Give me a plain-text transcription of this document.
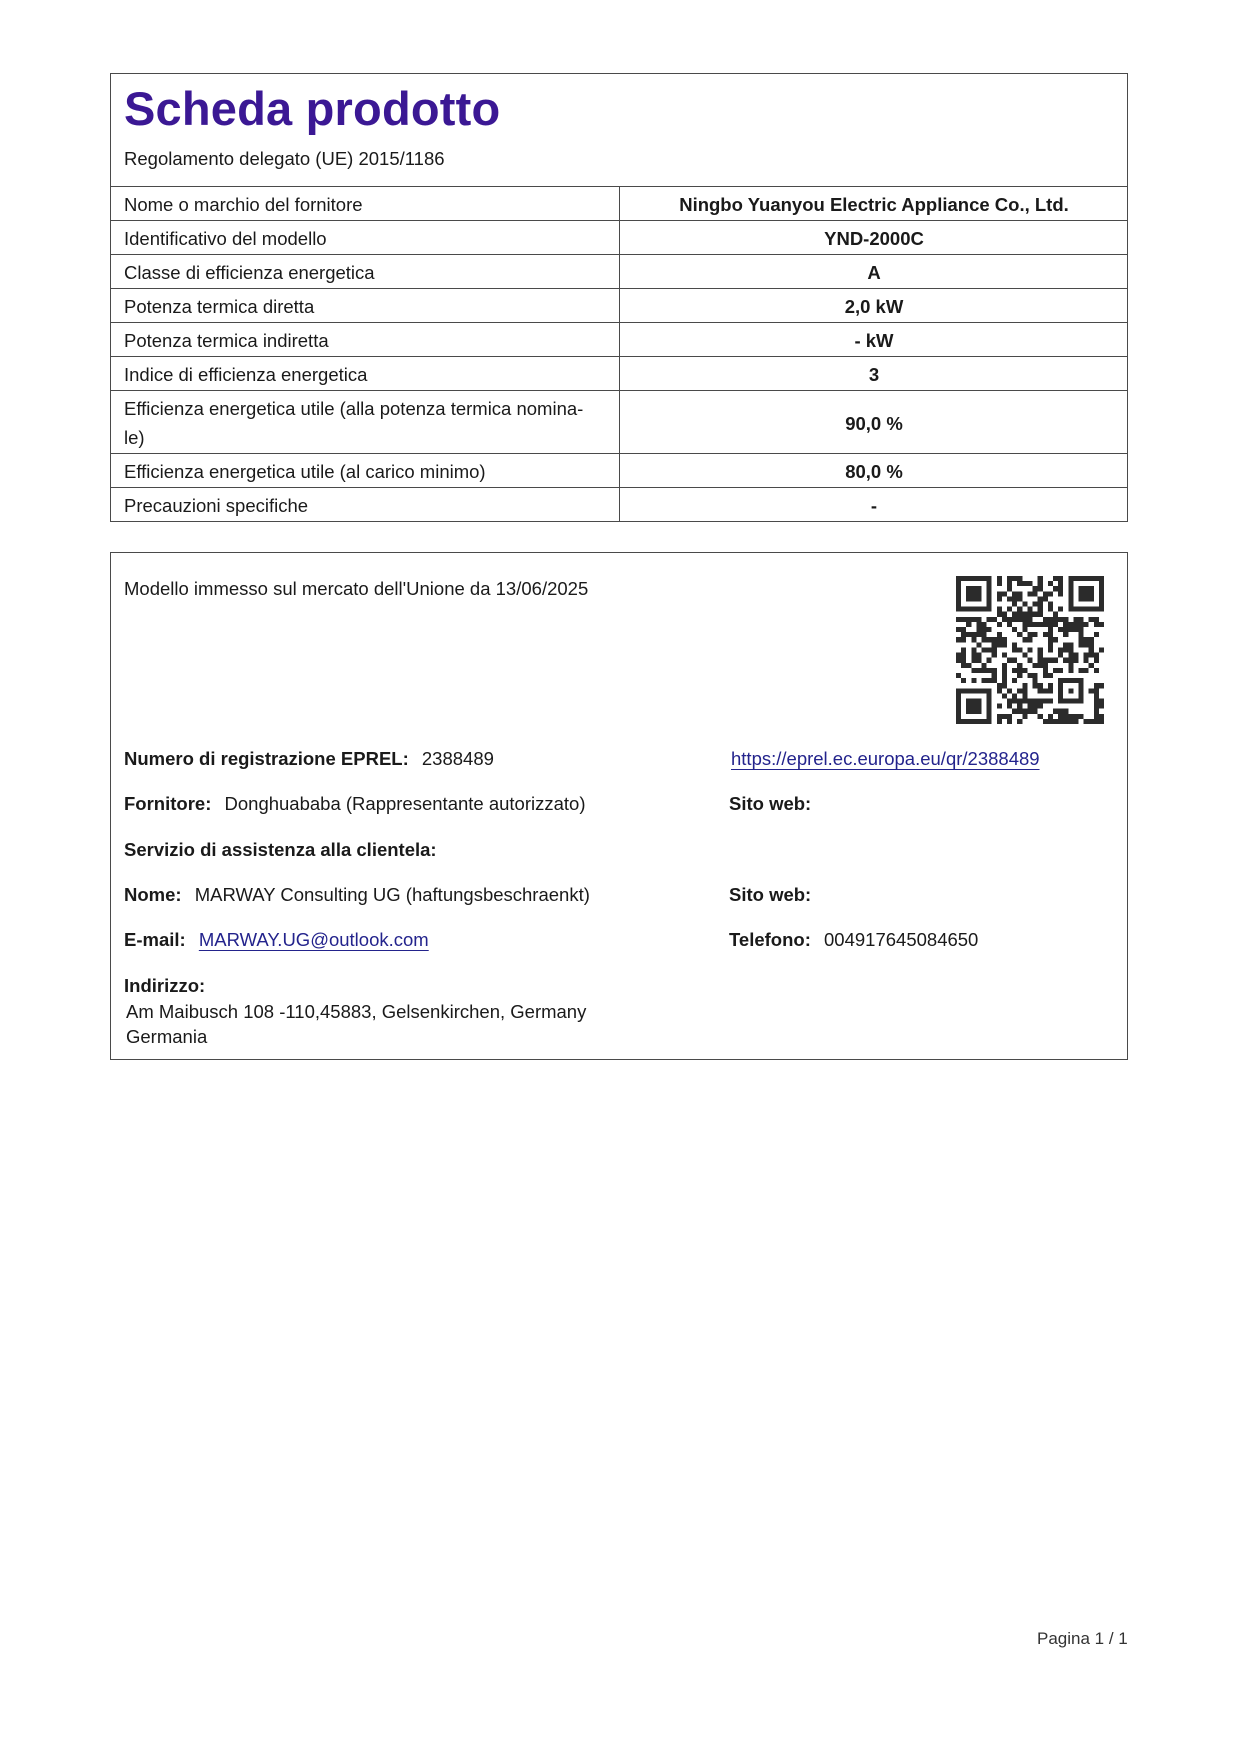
Scheda prodotto
Regolamento delegato (UE) 2015/1186
Nome o marchio del fornitore	Ningbo Yuanyou Electric Appliance Co., Ltd.
Identificativo del modello	YND-2000C
Classe di efficienza energetica	A
Potenza termica diretta	2,0 kW
Potenza termica indiretta	- kW
Indice di efficienza energetica	3
Efficienza energetica utile (alla potenza termica nomina-
le)	90,0 %
Efficienza energetica utile (al carico minimo)	80,0 %
Precauzioni specifiche	-
Modello immesso sul mercato dell'Unione da 13/06/2025
Numero di registrazione EPREL: 2388489	https://eprel.ec.europa.eu/qr/2388489
Fornitore: Donghuababa (Rappresentante autorizzato)	Sito web:
Servizio di assistenza alla clientela:
Nome: MARWAY Consulting UG (haftungsbeschraenkt)	Sito web:
E-mail: MARWAY.UG@outlook.com	Telefono: 004917645084650
Indirizzo:
Am Maibusch 108 -110,45883, Gelsenkirchen, Germany
Germania
Pagina 1 / 1
